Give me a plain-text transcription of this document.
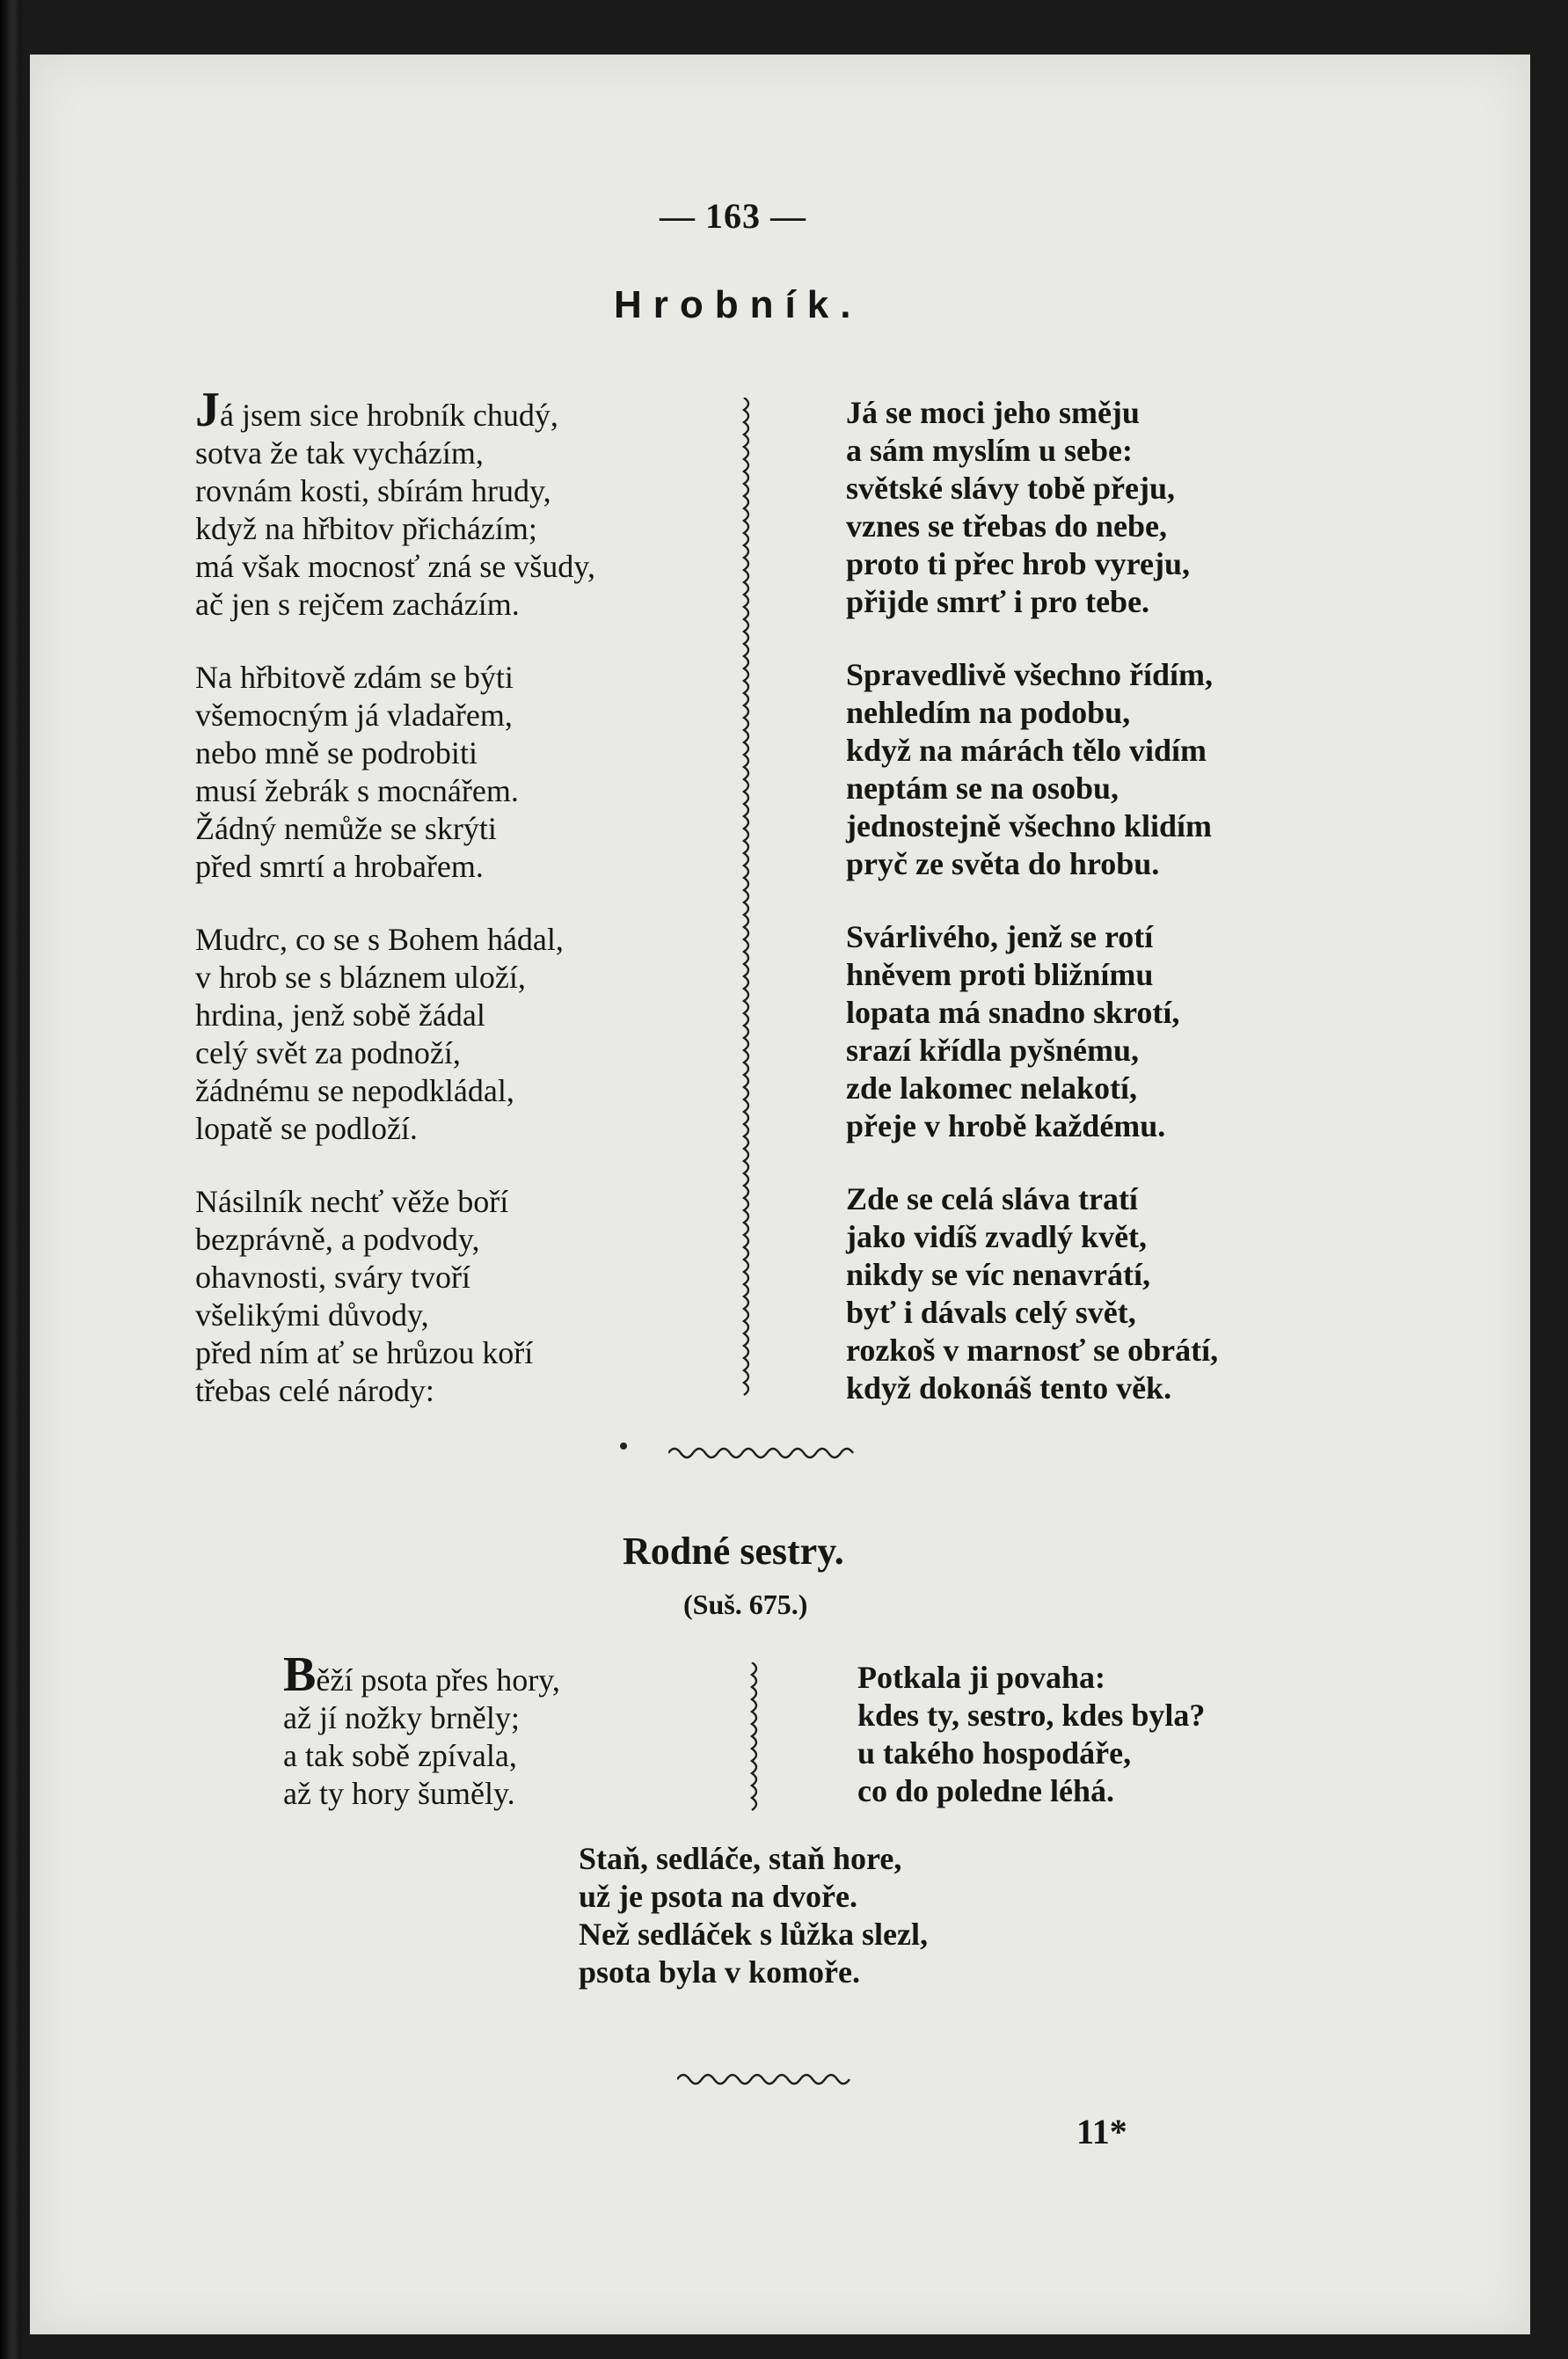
— 163 —
Hrobník.
Já jsem sice hrobník chudý,
sotva že tak vycházím,
rovnám kosti, sbírám hrudy,
když na hřbitov přicházím;
má však mocnosť zná se všudy,
ač jen s rejčem zacházím.
Na hřbitově zdám se býti
všemocným já vladařem,
nebo mně se podrobiti
musí žebrák s mocnářem.
Žádný nemůže se skrýti
před smrtí a hrobařem.
Mudrc, co se s Bohem hádal,
v hrob se s bláznem uloží,
hrdina, jenž sobě žádal
celý svět za podnoží,
žádnému se nepodkládal,
lopatě se podloží.
Násilník nechť věže boří
bezprávně, a podvody,
ohavnosti, sváry tvoří
všelikými důvody,
před ním ať se hrůzou koří
třebas celé národy:
Já se moci jeho směju
a sám myslím u sebe:
světské slávy tobě přeju,
vznes se třebas do nebe,
proto ti přec hrob vyreju,
přijde smrť i pro tebe.
Spravedlivě všechno řídím,
nehledím na podobu,
když na márách tělo vidím
neptám se na osobu,
jednostejně všechno klidím
pryč ze světa do hrobu.
Svárlivého, jenž se rotí
hněvem proti bližnímu
lopata má snadno skrotí,
srazí křídla pyšnému,
zde lakomec nelakotí,
přeje v hrobě každému.
Zde se celá sláva tratí
jako vidíš zvadlý květ,
nikdy se víc nenavrátí,
byť i dávals celý svět,
rozkoš v marnosť se obrátí,
když dokonáš tento věk.
Rodné sestry.
(Suš. 675.)
Běží psota přes hory,
až jí nožky brněly;
a tak sobě zpívala,
až ty hory šuměly.
Potkala ji povaha:
kdes ty, sestro, kdes byla?
u takého hospodáře,
co do poledne léhá.
Staň, sedláče, staň hore,
už je psota na dvoře.
Než sedláček s lůžka slezl,
psota byla v komoře.
11*
